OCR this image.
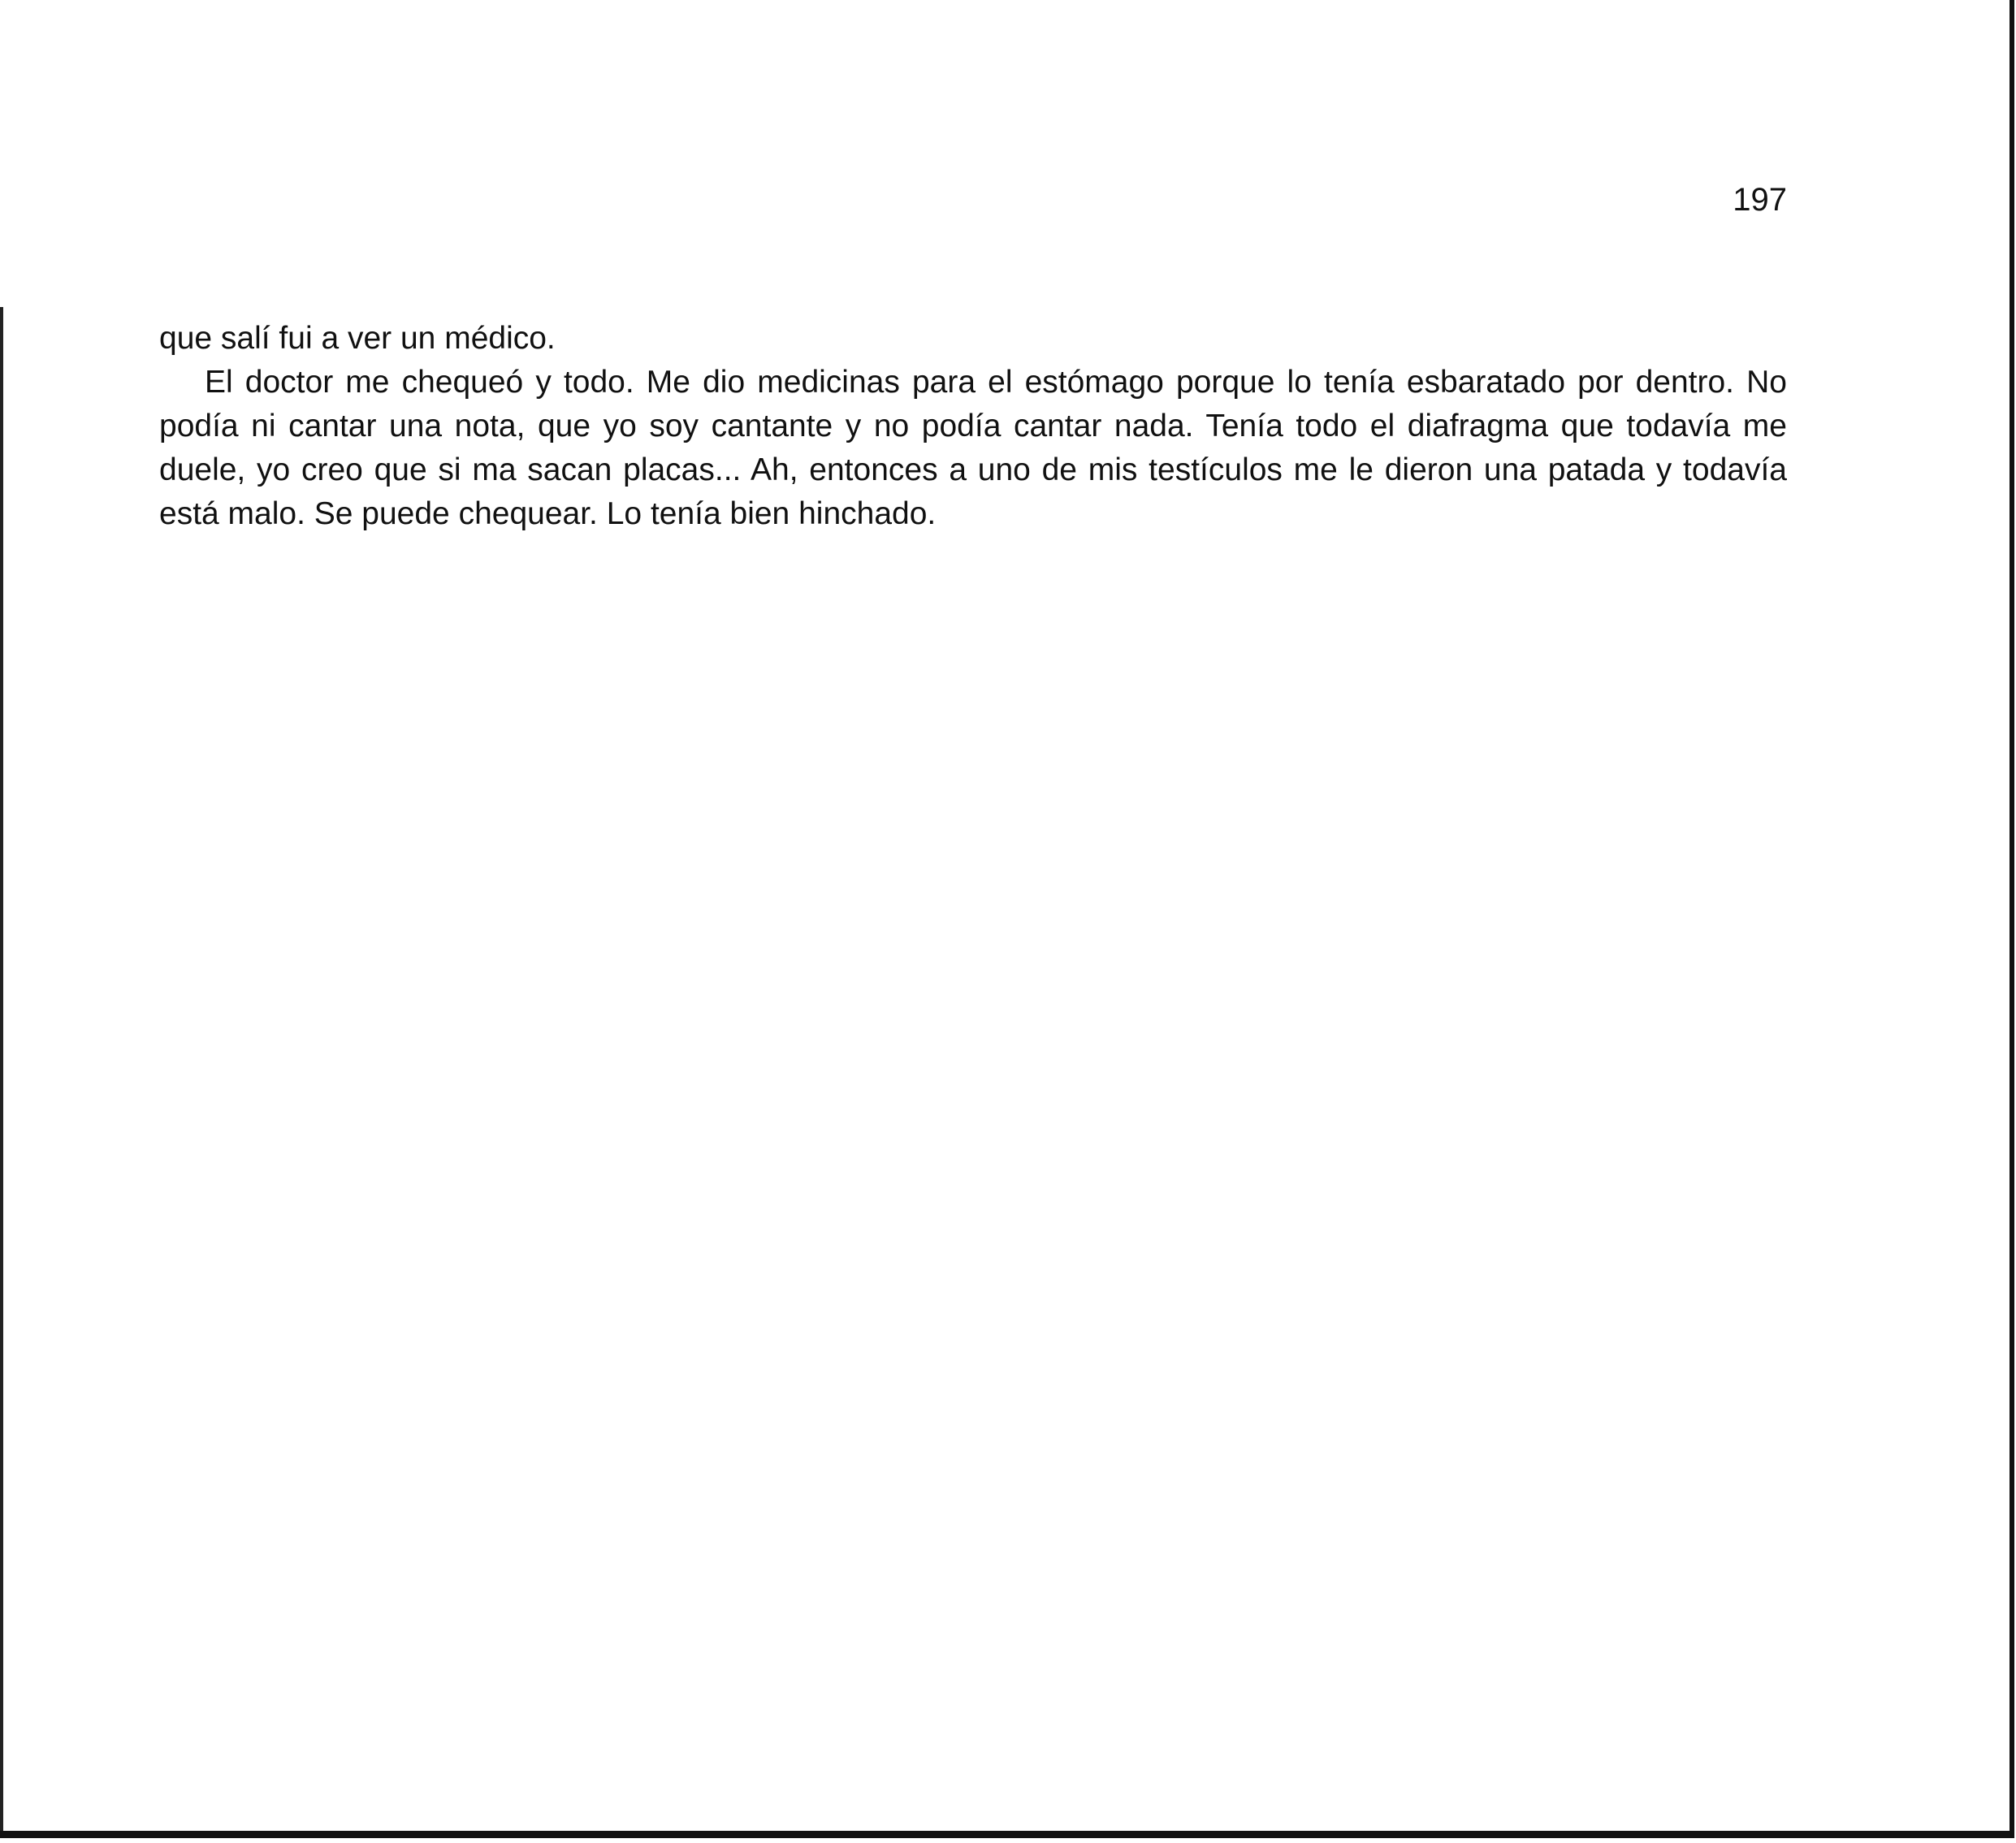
197

que salí fui a ver un médico.

El doctor me chequeó y todo. Me dio medicinas para el estómago porque lo tenía esbaratado por dentro. No podía ni cantar una nota, que yo soy cantante y no podía cantar nada. Tenía todo el diafragma que todavía me duele, yo creo que si ma sacan placas... Ah, entonces a uno de mis testículos me le dieron una patada y todavía está malo. Se puede chequear. Lo tenía bien hinchado.
